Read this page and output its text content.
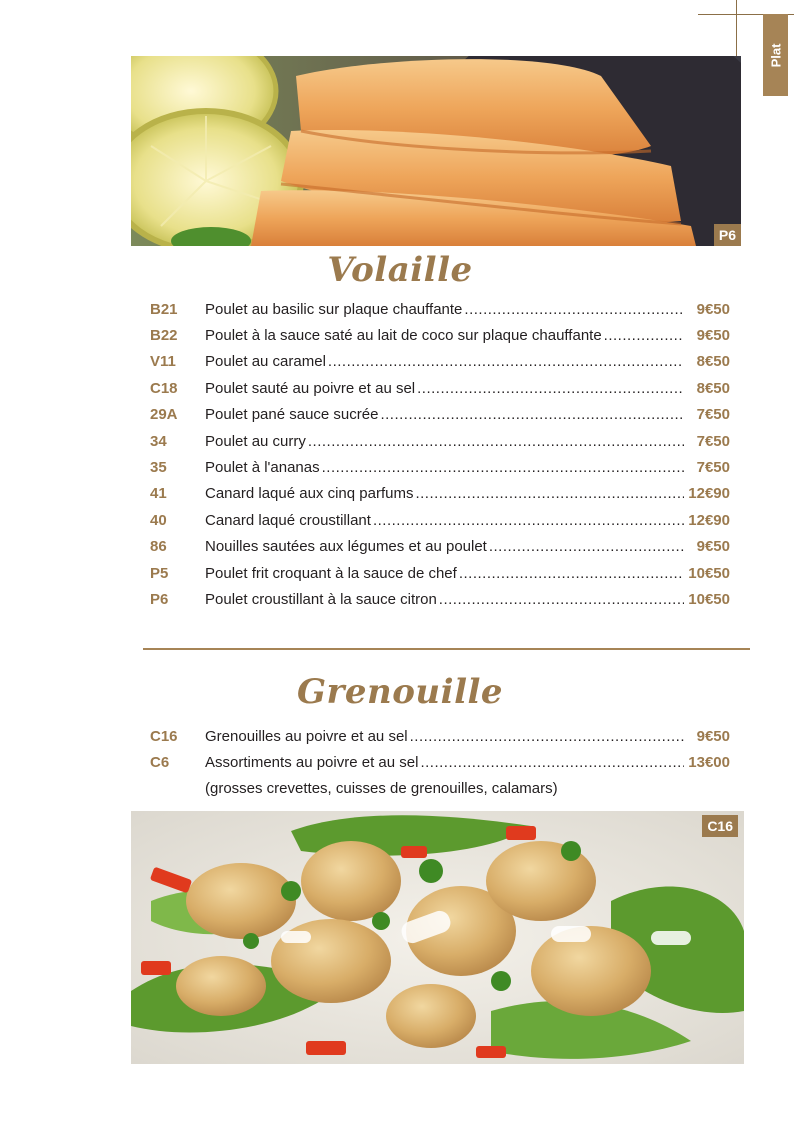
Plat
P6
Volaille
B21	Poulet au basilic sur plaque chauffante .....	9€50
B22	Poulet à la sauce saté au lait de coco sur plaque chauffante .....	9€50
V11	Poulet au caramel .....	8€50
C18	Poulet sauté au poivre et au sel .....	8€50
29A	Poulet pané sauce sucrée .....	7€50
34	Poulet au curry .....	7€50
35	Poulet à l'ananas .....	7€50
41	Canard laqué aux cinq parfums .....	12€90
40	Canard laqué croustillant .....	12€90
86	Nouilles sautées aux légumes et au poulet .....	9€50
P5	Poulet frit croquant à la sauce de chef .....	10€50
P6	Poulet croustillant à la sauce citron .....	10€50
Grenouille
C16	Grenouilles au poivre et au sel .....	9€50
C6	Assortiments au poivre et au sel .....	13€00
(grosses crevettes, cuisses de grenouilles, calamars)
C16
